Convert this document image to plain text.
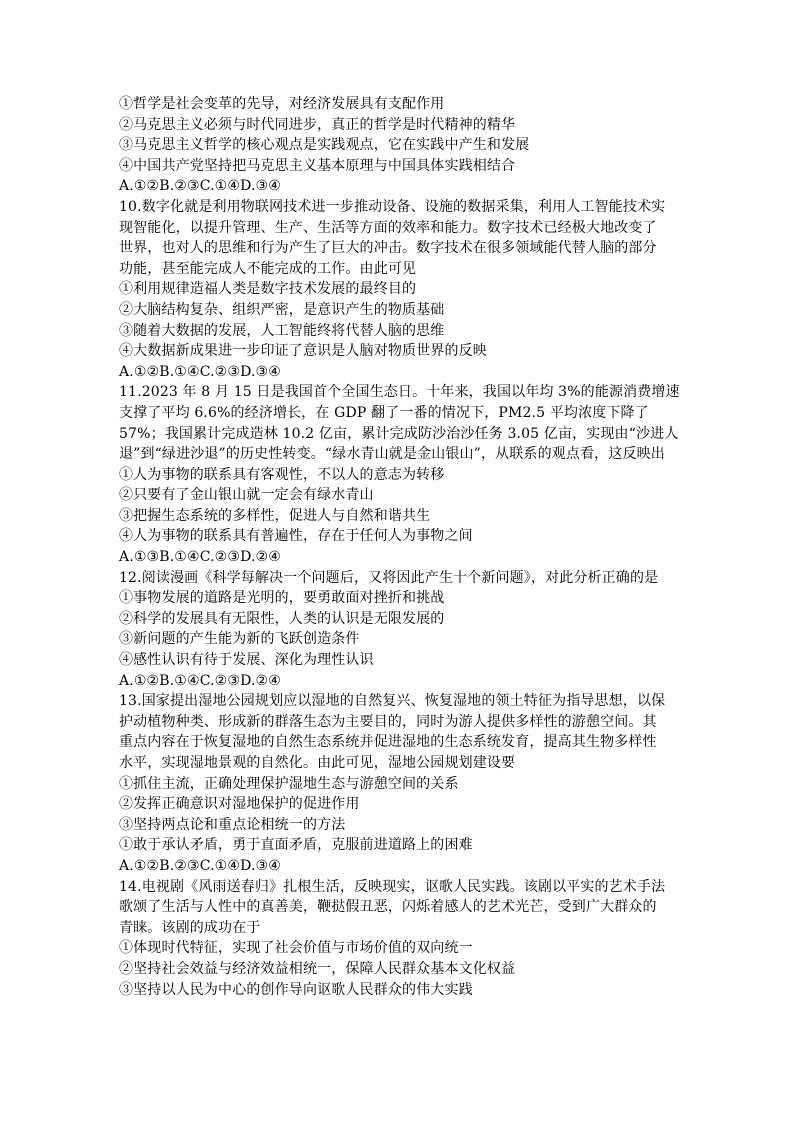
①哲学是社会变革的先导，对经济发展具有支配作用
②马克思主义必须与时代同进步，真正的哲学是时代精神的精华
③马克思主义哲学的核心观点是实践观点，它在实践中产生和发展
④中国共产党坚持把马克思主义基本原理与中国具体实践相结合
A.①②B.②③C.①④D.③④
10.数字化就是利用物联网技术进一步推动设备、设施的数据采集，利用人工智能技术实
现智能化，以提升管理、生产、生活等方面的效率和能力。数字技术已经极大地改变了
世界，也对人的思维和行为产生了巨大的冲击。数字技术在很多领域能代替人脑的部分
功能，甚至能完成人不能完成的工作。由此可见
①利用规律造福人类是数字技术发展的最终目的
②大脑结构复杂、组织严密，是意识产生的物质基础
③随着大数据的发展，人工智能终将代替人脑的思维
④大数据新成果进一步印证了意识是人脑对物质世界的反映
A.①②B.①④C.②③D.③④
11.2023 年 8 月 15 日是我国首个全国生态日。十年来，我国以年均 3%的能源消费增速
支撑了平均 6.6%的经济增长，在 GDP 翻了一番的情况下，PM2.5 平均浓度下降了
57%；我国累计完成造林 10.2 亿亩，累计完成防沙治沙任务 3.05 亿亩，实现由“沙进人
退”到“绿进沙退”的历史性转变。“绿水青山就是金山银山”，从联系的观点看，这反映出
①人为事物的联系具有客观性，不以人的意志为转移
②只要有了金山银山就一定会有绿水青山
③把握生态系统的多样性，促进人与自然和谐共生
④人为事物的联系具有普遍性，存在于任何人为事物之间
A.①③B.①④C.②③D.②④
12.阅读漫画《科学每解决一个问题后，又将因此产生十个新问题》，对此分析正确的是
①事物发展的道路是光明的，要勇敢面对挫折和挑战
②科学的发展具有无限性，人类的认识是无限发展的
③新问题的产生能为新的飞跃创造条件
④感性认识有待于发展、深化为理性认识
A.①②B.①④C.②③D.②④
13.国家提出湿地公园规划应以湿地的自然复兴、恢复湿地的领土特征为指导思想，以保
护动植物种类、形成新的群落生态为主要目的，同时为游人提供多样性的游憩空间。其
重点内容在于恢复湿地的自然生态系统并促进湿地的生态系统发育，提高其生物多样性
水平，实现湿地景观的自然化。由此可见，湿地公园规划建设要
①抓住主流，正确处理保护湿地生态与游憩空间的关系
②发挥正确意识对湿地保护的促进作用
③坚持两点论和重点论相统一的方法
①敢于承认矛盾，勇于直面矛盾，克服前进道路上的困难
A.①②B.②③C.①④D.③④
14.电视剧《风雨送春归》扎根生活，反映现实，讴歌人民实践。该剧以平实的艺术手法
歌颂了生活与人性中的真善美，鞭挞假丑恶，闪烁着感人的艺术光芒，受到广大群众的
青睐。该剧的成功在于
①体现时代特征，实现了社会价值与市场价值的双向统一
②坚持社会效益与经济效益相统一，保障人民群众基本文化权益
③坚持以人民为中心的创作导向讴歌人民群众的伟大实践
